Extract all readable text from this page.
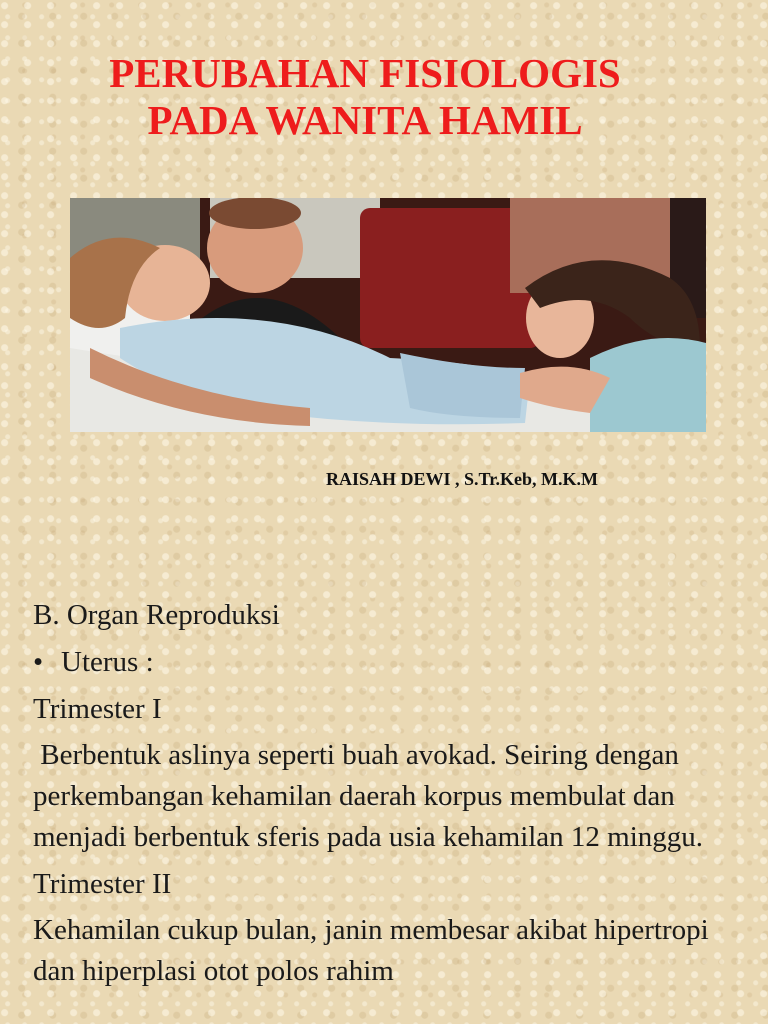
PERUBAHAN FISIOLOGIS
PADA WANITA HAMIL

RAISAH DEWI , S.Tr.Keb, M.K.M

B. Organ Reproduksi

• Uterus :

Trimester I

Berbentuk aslinya seperti buah avokad. Seiring dengan perkembangan kehamilan daerah korpus membulat dan menjadi berbentuk sferis pada usia kehamilan 12 minggu.

Trimester II

Kehamilan cukup bulan, janin membesar akibat hipertropi dan hiperplasi otot polos rahim
